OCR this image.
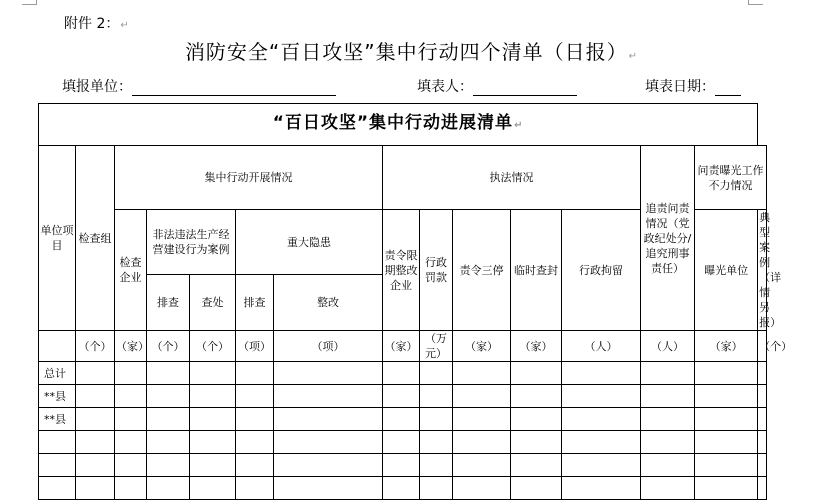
附件 2：↵
消防安全“百日攻坚”集中行动四个清单（日报）↵
填报单位：	填表人：	填表日期：
“百日攻坚”集中行动进展清单↵														
单位项目	检查组	集中行动开展情况					执法情况					追责问责情况（党政纪处分/追究刑事责任）	问责曝光工作不力情况	
		检查企业	非法违法生产经营建设行为案例		重大隐患		责令限期整改企业	行政罚款	责令三停	临时查封	行政拘留		曝光单位	典型案例（详情另报）
			排查	查处	排查	整改								
	（个）	（家）	（个）	（个）	（项）	（项）	（家）	（万元）	（家）	（家）	（人）	（人）	（家）	（个）
总计														
**县														
**县														
